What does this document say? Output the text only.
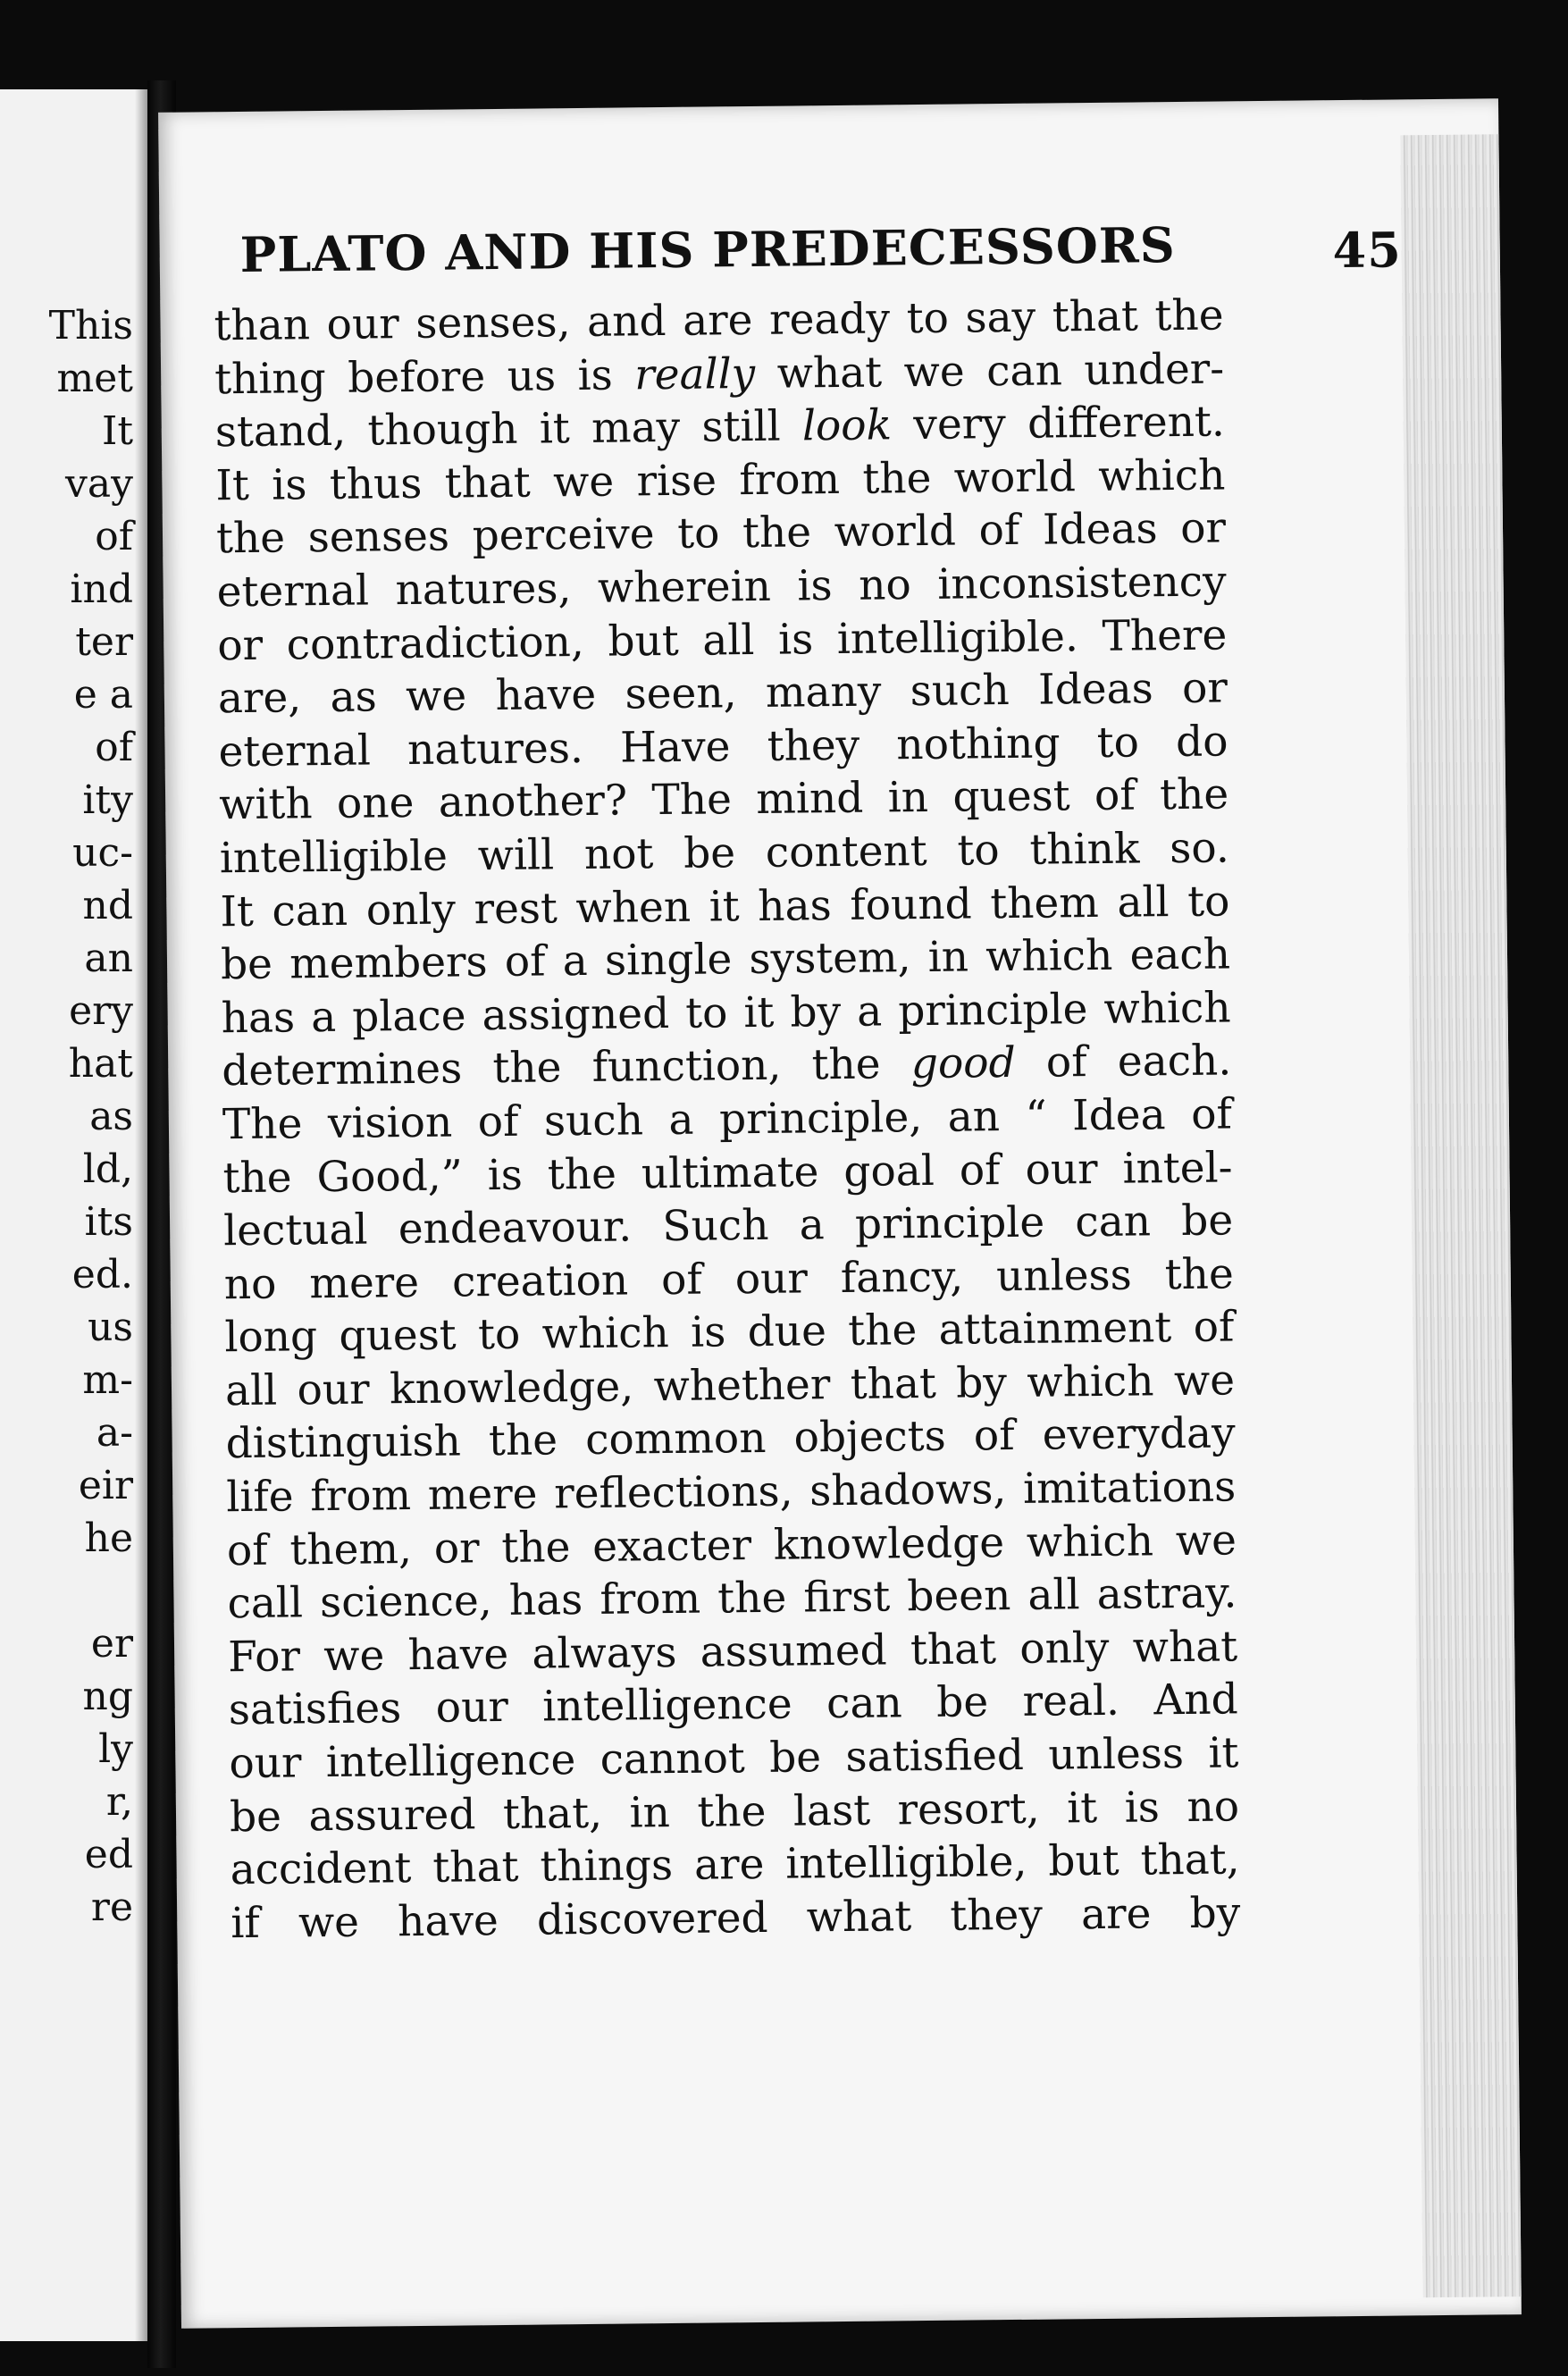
This
met
It
vay
of
ind
ter
e a
of
ity
uc-
nd
an
ery
hat
as
ld,
its
ed.
us
m-
a-
eir
he
er
ng
ly
r,
ed
re
PLATO AND HIS PREDECESSORS	45
than our senses, and are ready to say that the
thing before us is really what we can under-
stand, though it may still look very different.
It is thus that we rise from the world which
the senses perceive to the world of Ideas or
eternal natures, wherein is no inconsistency
or contradiction, but all is intelligible. There
are, as we have seen, many such Ideas or
eternal natures. Have they nothing to do
with one another? The mind in quest of the
intelligible will not be content to think so.
It can only rest when it has found them all to
be members of a single system, in which each
has a place assigned to it by a principle which
determines the function, the good of each.
The vision of such a principle, an “ Idea of
the Good,” is the ultimate goal of our intel-
lectual endeavour. Such a principle can be
no mere creation of our fancy, unless the
long quest to which is due the attainment of
all our knowledge, whether that by which we
distinguish the common objects of everyday
life from mere reflections, shadows, imitations
of them, or the exacter knowledge which we
call science, has from the first been all astray.
For we have always assumed that only what
satisfies our intelligence can be real. And
our intelligence cannot be satisfied unless it
be assured that, in the last resort, it is no
accident that things are intelligible, but that,
if we have discovered what they are by
